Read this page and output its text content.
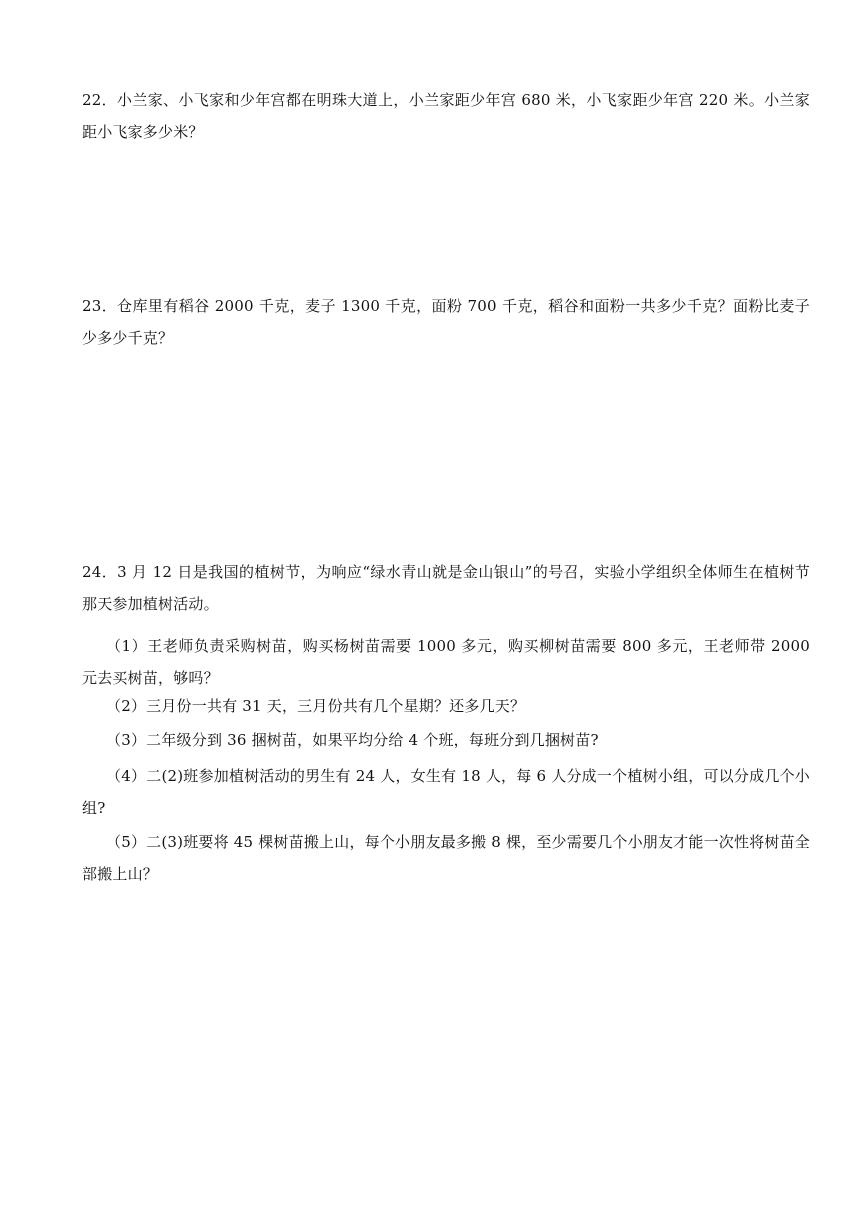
22．小兰家、小飞家和少年宫都在明珠大道上，小兰家距少年宫 680 米，小飞家距少年宫 220 米。小兰家距小飞家多少米？

23．仓库里有稻谷 2000 千克，麦子 1300 千克，面粉 700 千克，稻谷和面粉一共多少千克？面粉比麦子少多少千克？

24．3 月 12 日是我国的植树节，为响应“绿水青山就是金山银山”的号召，实验小学组织全体师生在植树节那天参加植树活动。

（1）王老师负责采购树苗，购买杨树苗需要 1000 多元，购买柳树苗需要 800 多元，王老师带 2000 元去买树苗，够吗？

（2）三月份一共有 31 天，三月份共有几个星期？还多几天？

（3）二年级分到 36 捆树苗，如果平均分给 4 个班，每班分到几捆树苗?

（4）二(2)班参加植树活动的男生有 24 人，女生有 18 人，每 6 人分成一个植树小组，可以分成几个小组?

（5）二(3)班要将 45 棵树苗搬上山，每个小朋友最多搬 8 棵，至少需要几个小朋友才能一次性将树苗全部搬上山？
